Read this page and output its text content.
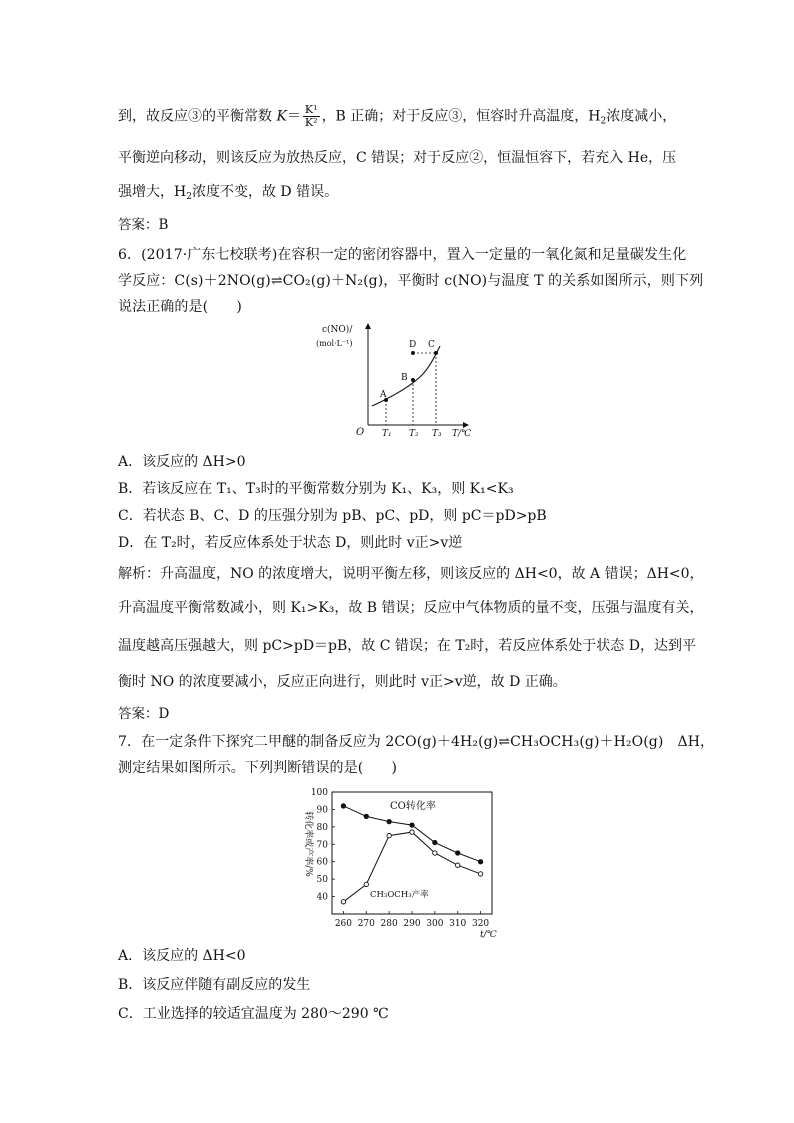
到，故反应③的平衡常数 $K= \frac{\text{K¹}}{\text{K²}}$ ，B 正确；对于反应③，恒容时升高温度，$H_2$浓度减小，
平衡逆向移动，则该反应为放热反应，C 错误；对于反应②，恒温恒容下，若充入 He，压
强增大，$H_2$浓度不变，故 D 错误。
答案：B
6．(2017·广东七校联考)在容积一定的密闭容器中，置入一定量的一氧化氮和足量碳发生化
学反应：C(s)＋2NO(g)⇌CO₂(g)＋N₂(g)，平衡时 c(NO)与温度 T 的关系如图所示，则下列
说法正确的是(　　)
c(NO)/
(mol·L⁻¹)
O
A
B
D C
T₁ T₂ T₃ T/℃
A．该反应的 ΔH>0
B．若该反应在 T₁、T₃时的平衡常数分别为 K₁、K₃，则 K₁<K₃
C．若状态 B、C、D 的压强分别为 pB、pC、pD，则 pC＝pD>pB
D．在 T₂时，若反应体系处于状态 D，则此时 v正>v逆
解析：升高温度，NO 的浓度增大，说明平衡左移，则该反应的 ΔH<0，故 A 错误；ΔH<0，
升高温度平衡常数减小，则 K₁>K₃，故 B 错误；反应中气体物质的量不变，压强与温度有关，
温度越高压强越大，则 pC>pD＝pB，故 C 错误；在 T₂时，若反应体系处于状态 D，达到平
衡时 NO 的浓度要减小，反应正向进行，则此时 v正>v逆，故 D 正确。
答案：D
7．在一定条件下探究二甲醚的制备反应为 2CO(g)＋4H₂(g)⇌CH₃OCH₃(g)＋H₂O(g)　ΔH，
测定结果如图所示。下列判断错误的是(　　)
40
50
60
70
80
90
100
260 270 280 290 300 310 320
CO转化率
CH₃OCH₃产率
t/℃
转化率或产率/%
A．该反应的 ΔH<0
B．该反应伴随有副反应的发生
C．工业选择的较适宜温度为 280～290 ℃
